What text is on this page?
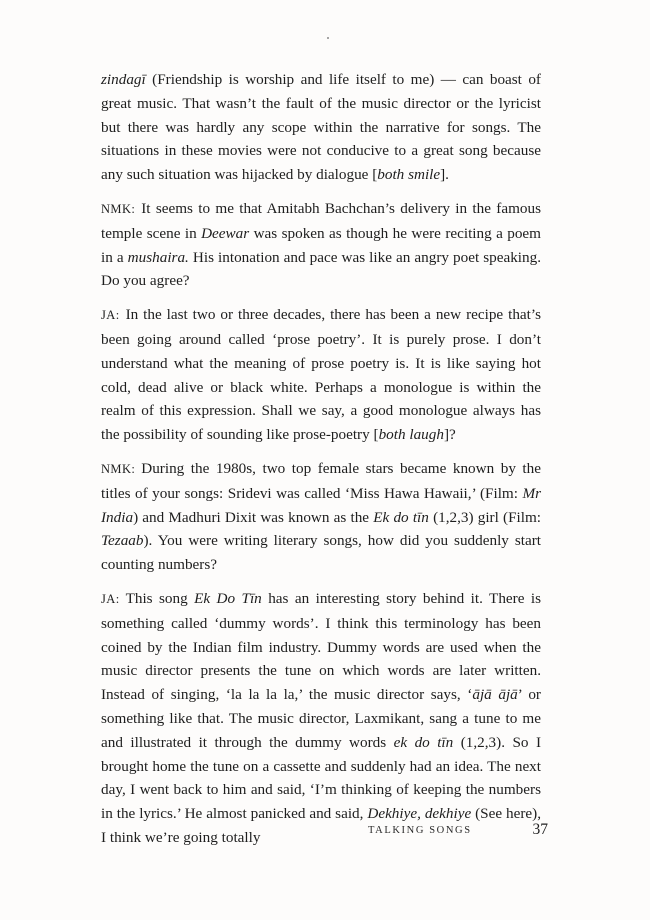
zindagī (Friendship is worship and life itself to me) — can boast of great music. That wasn’t the fault of the music director or the lyricist but there was hardly any scope within the narrative for songs. The situations in these movies were not conducive to a great song because any such situation was hijacked by dialogue [both smile].

NMK: It seems to me that Amitabh Bachchan’s delivery in the famous temple scene in Deewar was spoken as though he were reciting a poem in a mushaira. His intonation and pace was like an angry poet speaking. Do you agree?

JA: In the last two or three decades, there has been a new recipe that’s been going around called ‘prose poetry’. It is purely prose. I don’t understand what the meaning of prose poetry is. It is like saying hot cold, dead alive or black white. Perhaps a monologue is within the realm of this expression. Shall we say, a good monologue always has the possibility of sounding like prose-poetry [both laugh]?

NMK: During the 1980s, two top female stars became known by the titles of your songs: Sridevi was called ‘Miss Hawa Hawaii,’ (Film: Mr India) and Madhuri Dixit was known as the Ek do tīn (1,2,3) girl (Film: Tezaab). You were writing literary songs, how did you suddenly start counting numbers?

JA: This song Ek Do Tīn has an interesting story behind it. There is something called ‘dummy words’. I think this terminology has been coined by the Indian film industry. Dummy words are used when the music director presents the tune on which words are later written. Instead of singing, ‘la la la la,’ the music director says, ‘ājā ājā’ or something like that. The music director, Laxmikant, sang a tune to me and illustrated it through the dummy words ek do tīn (1,2,3). So I brought home the tune on a cassette and suddenly had an idea. The next day, I went back to him and said, ‘I’m thinking of keeping the numbers in the lyrics.’ He almost panicked and said, Dekhiye, dekhiye (See here), I think we’re going totally	TALKING SONGS	37
